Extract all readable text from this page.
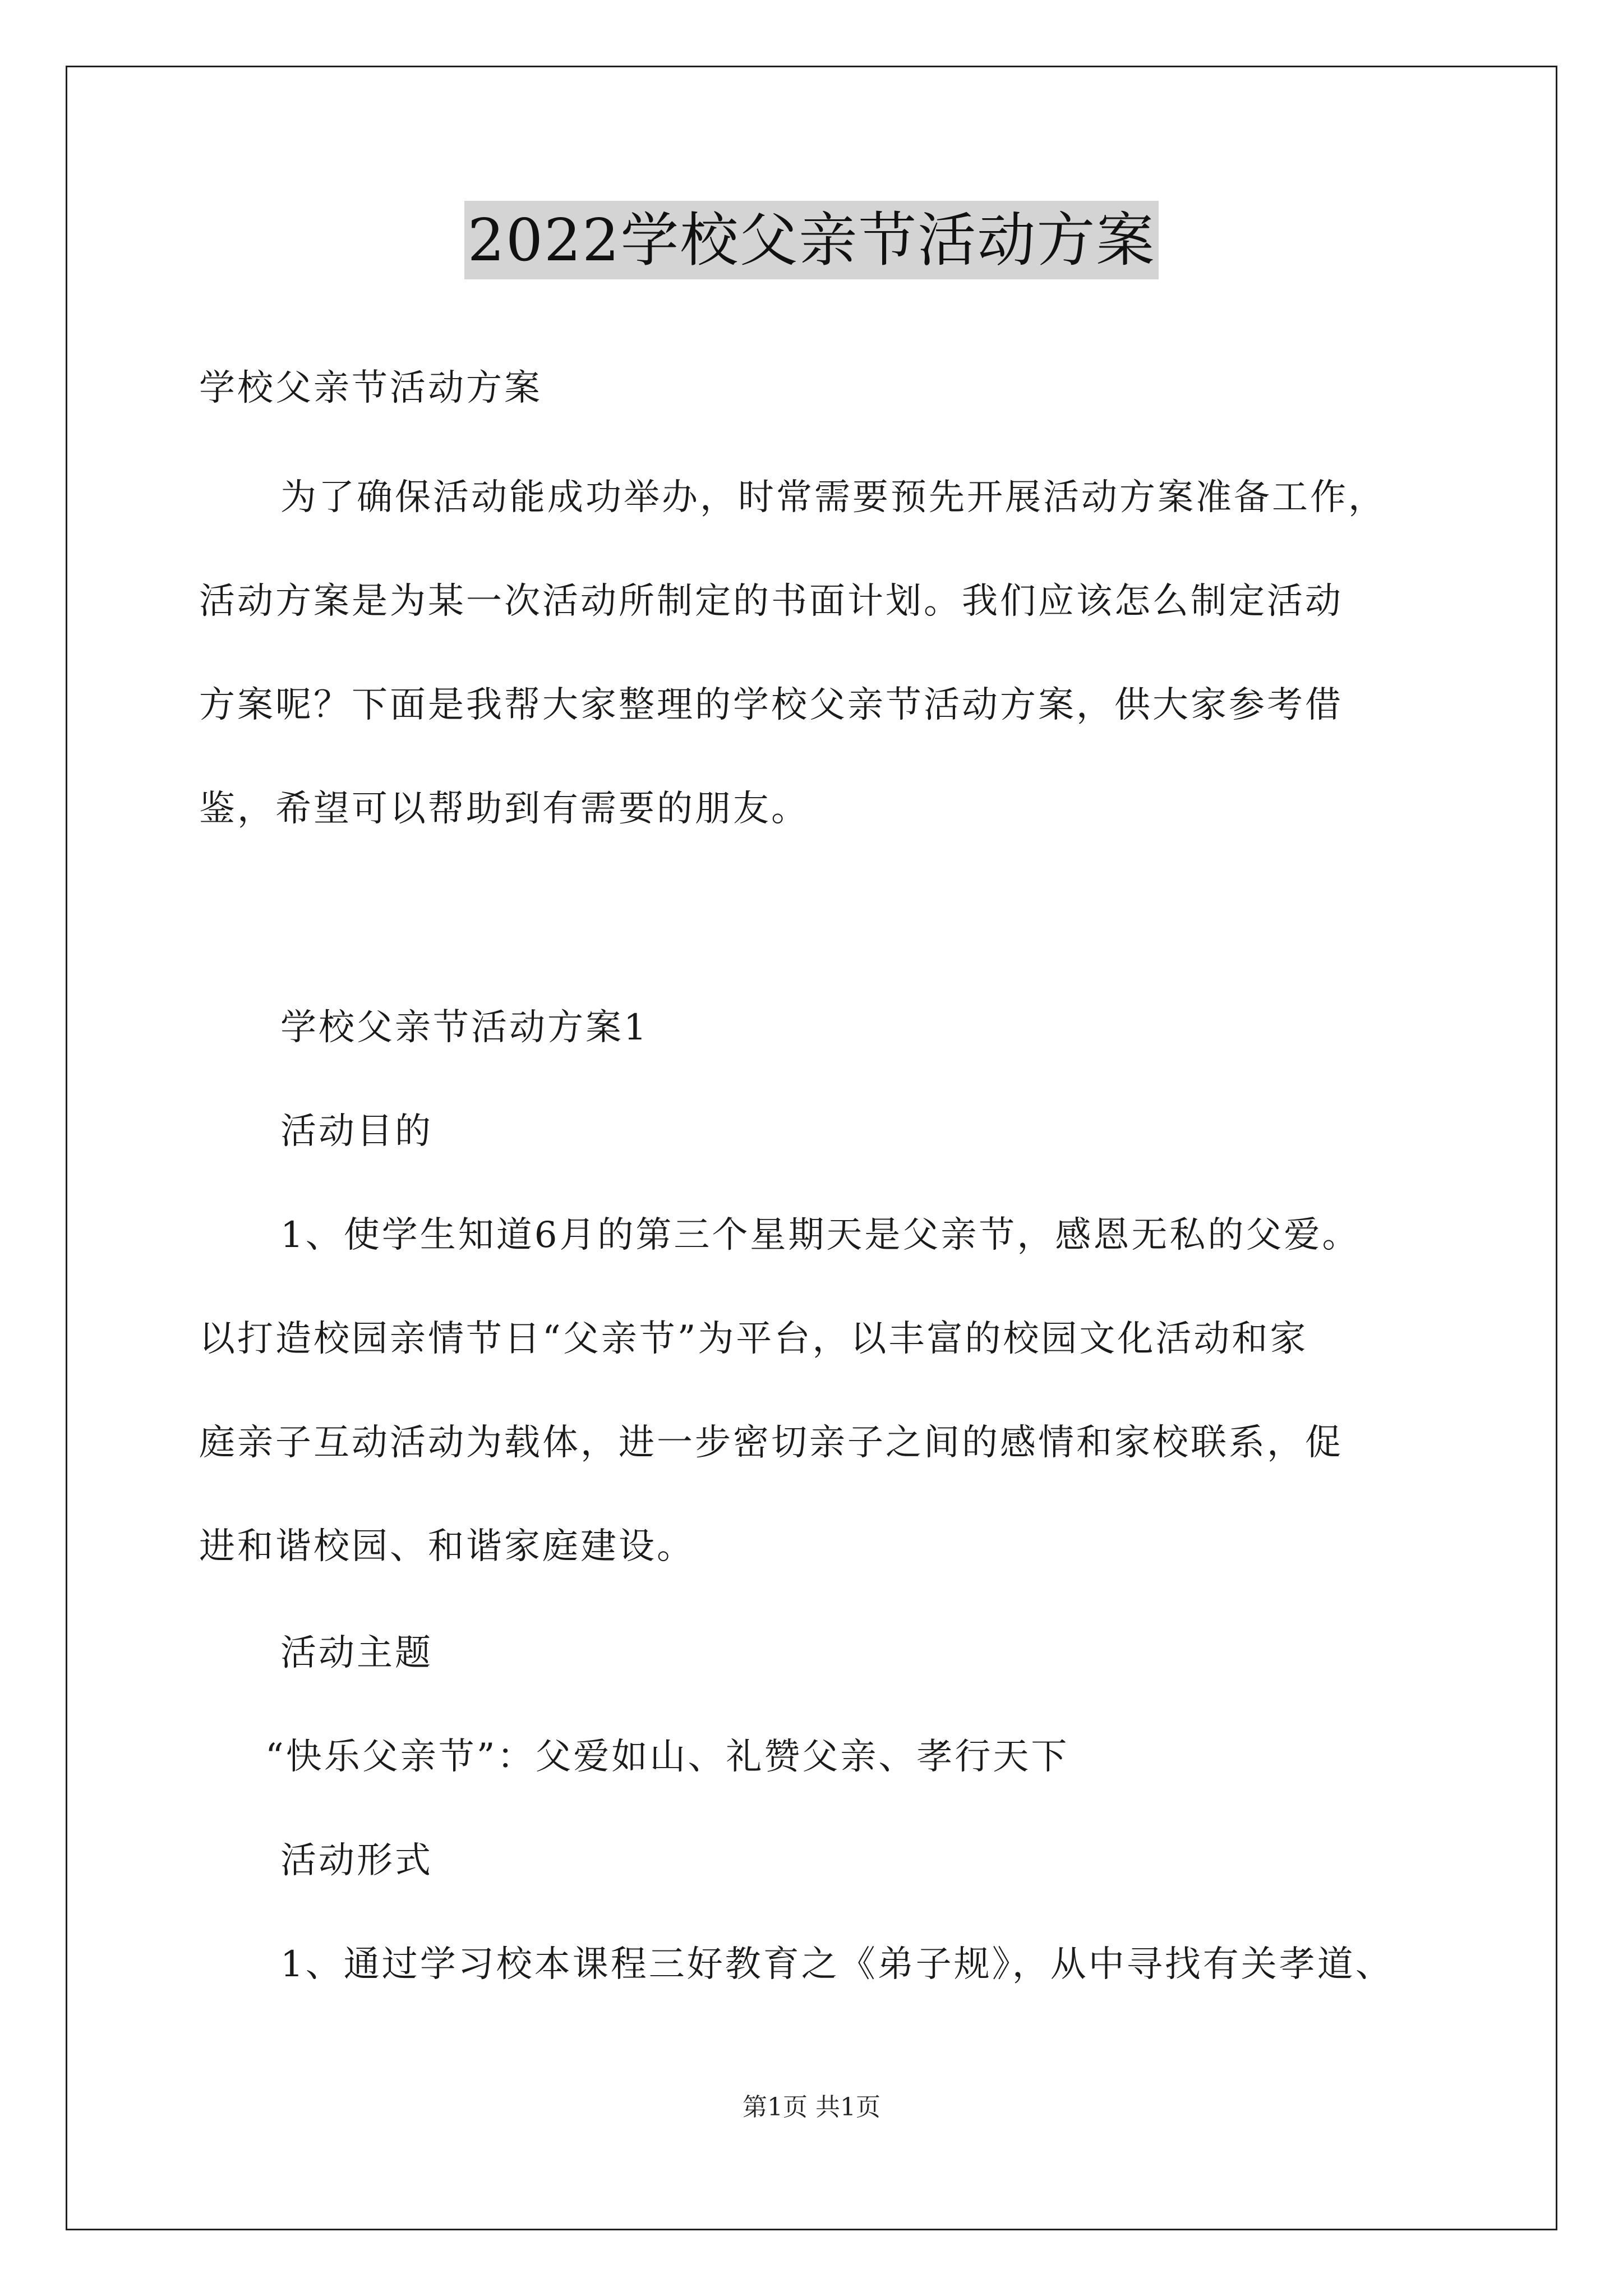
2022学校父亲节活动方案
学校父亲节活动方案
为了确保活动能成功举办，时常需要预先开展活动方案准备工作，
活动方案是为某一次活动所制定的书面计划。我们应该怎么制定活动
方案呢？下面是我帮大家整理的学校父亲节活动方案，供大家参考借
鉴，希望可以帮助到有需要的朋友。
学校父亲节活动方案1
活动目的
1、使学生知道6月的第三个星期天是父亲节，感恩无私的父爱。
以打造校园亲情节日“父亲节”为平台，以丰富的校园文化活动和家
庭亲子互动活动为载体，进一步密切亲子之间的感情和家校联系，促
进和谐校园、和谐家庭建设。
活动主题
“快乐父亲节”：父爱如山、礼赞父亲、孝行天下
活动形式
1、通过学习校本课程三好教育之《弟子规》，从中寻找有关孝道、
第1页 共1页
